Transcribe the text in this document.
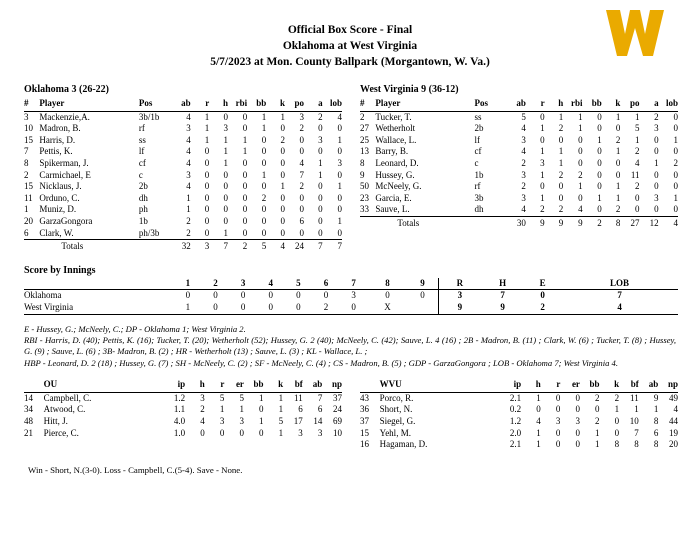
Official Box Score - Final
Oklahoma at West Virginia
5/7/2023 at Mon. County Ballpark (Morgantown, W. Va.)
Oklahoma 3 (26-22)
#	Player	Pos	ab	r	h	rbi	bb	k	po	a	lob
3	Mackenzie,A.	3b/1b	4	1	0	0	1	1	3	2	4
10	Madron, B.	rf	3	1	3	0	1	0	2	0	0
15	Harris, D.	ss	4	1	1	1	0	2	0	3	1
7	Pettis, K.	lf	4	0	1	1	0	0	0	0	0
8	Spikerman, J.	cf	4	0	1	0	0	0	4	1	3
2	Carmichael, E	c	3	0	0	0	1	0	7	1	0
15	Nicklaus, J.	2b	4	0	0	0	0	1	2	0	1
11	Orduno, C.	dh	1	0	0	0	2	0	0	0	0
1	Muniz, D.	ph	1	0	0	0	0	0	0	0	0
20	GarzaGongora	1b	2	0	0	0	0	0	6	0	1
6	Clark, W.	ph/3b	2	0	1	0	0	0	0	0	0
	Totals		32	3	7	2	5	4	24	7	7
West Virginia 9 (36-12)
#	Player	Pos	ab	r	h	rbi	bb	k	po	a	lob
2	Tucker, T.	ss	5	0	1	1	0	1	1	2	0
27	Wetherholt	2b	4	1	2	1	0	0	5	3	0
25	Wallace, L.	lf	3	0	0	0	1	2	1	0	1
13	Barry, B.	cf	4	1	1	0	0	1	2	0	0
8	Leonard, D.	c	2	3	1	0	0	0	4	1	2
9	Hussey, G.	1b	3	1	2	2	0	0	11	0	0
50	McNeely, G.	rf	2	0	0	1	0	1	2	0	0
23	Garcia, E.	3b	3	1	0	0	1	1	0	3	1
33	Sauve, L.	dh	4	2	2	4	0	2	0	0	0
	Totals		30	9	9	9	2	8	27	12	4
Score by Innings
	1	2	3	4	5	6	7	8	9	R	H	E	LOB
Oklahoma	0	0	0	0	0	0	3	0	0	3	7	0	7
West Virginia	1	0	0	0	0	2	0	X		9	9	2	4
E - Hussey, G.; McNeely, C.; DP - Oklahoma 1; West Virginia 2.
RBI - Harris, D. (40); Pettis, K. (16); Tucker, T. (20); Wetherholt (52); Hussey, G. 2 (40); McNeely, C. (42); Sauve, L. 4 (16) ; 2B - Madron, B. (11) ; Clark, W. (6) ; Tucker, T. (8) ; Hussey, G. (9) ; Sauve, L. (6) ; 3B- Madron, B. (2) ; HR - Wetherholt (13) ; Sauve, L. (3) ; KL - Wallace, L. ;
HBP - Leonard, D. 2 (18) ; Hussey, G. (7) ; SH - McNeely, C. (2) ; SF - McNeely, C. (4) ; CS - Madron, B. (5) ; GDP - GarzaGongora ; LOB - Oklahoma 7; West Virginia 4.
	OU	ip	h	r	er	bb	k	bf	ab	np
14	Campbell, C.	1.2	3	5	5	1	1	11	7	37
34	Atwood, C.	1.1	2	1	1	0	1	6	6	24
48	Hitt, J.	4.0	4	3	3	1	5	17	14	69
21	Pierce, C.	1.0	0	0	0	0	1	3	3	10
	WVU	ip	h	r	er	bb	k	bf	ab	np
43	Porco, R.	2.1	1	0	0	2	2	11	9	49
36	Short, N.	0.2	0	0	0	0	1	1	1	4
37	Siegel, G.	1.2	4	3	3	2	0	10	8	44
15	Yehl, M.	2.0	1	0	0	1	0	7	6	19
16	Hagaman, D.	2.1	1	0	0	1	8	8	8	20
Win - Short, N.(3-0). Loss - Campbell, C.(5-4). Save - None.
